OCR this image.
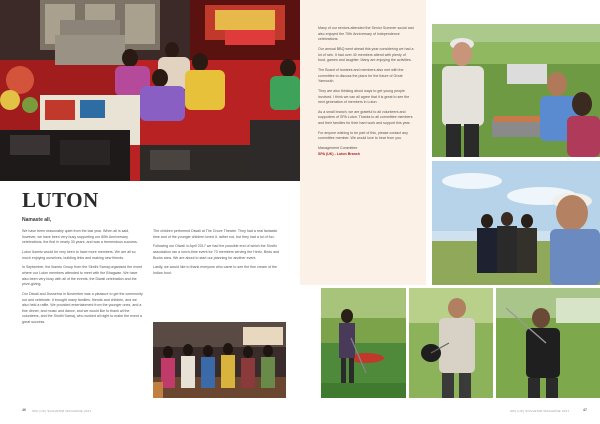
LUTON
Namaste all,

We have been reasonably quiet from the last year. When all is said, however, we have been very busy supporting our 80th Anniversary celebrations, the first in nearly 30 years, and was a tremendous success.

Luton Ikamtu would be very keen to have more members. We are all so much enjoying ourselves, building links and making new friends.

In September, the Ikamtu Group from the Sindhi Samaj organised the event where our Luton members attended to meet with the Bhagwan. We have also been very busy with all of the events, the Diwali celebration and the prize-giving.

Our Diwali and Dussehra in November was a pleasure to get the community out and celebrate. It brought many families, friends and children, and we also held a raffle. We provided entertainment from the younger ones, and a fine dinner, and music and dance, and we would like to thank all the volunteers, and the Sindhi Samaj, who worked all night to make the event a great success.

The children performed Diwali at The Grove Theatre. They had a real fantastic time and of the younger children loved it, rather not, but they had a lot of fun.

Following our Diwali in April 2017 we had the possible end of which the Sindhi association ran a lunch-time event for 70 members serving the Hertz, Beds and Bucks area. We are about to start our planning for another event.

Lastly, we would like to thank everyone who came to see the fine cream of the Indian food.

SPA (UK) SOUVENIR MAGAZINE 2017
46

Many of our seniors attended the Senior Summer social and also enjoyed the 70th Anniversary of Independence celebrations.

Our annual BBQ went ahead this year considering we had a lot of rain. It had over 40 members attend with plenty of food, games and laughter. Many are enjoying the activities.

The Board of trustees and members also met with the committee to discuss the plans for the future of Great Yarmouth.

They are also thinking about ways to get young people involved. I think we can all agree that it is great to see the next generation of members in Luton.

As a small branch, we are grateful to all volunteers and supporters of SPA Luton. Thanks to all committee members and their families for their hard work and support this year.

For anyone wishing to be part of this, please contact any committee member. We would love to hear from you.

Management Committee

SPA (UK) - Luton Branch

SPA (UK) SOUVENIR MAGAZINE 2017	47
